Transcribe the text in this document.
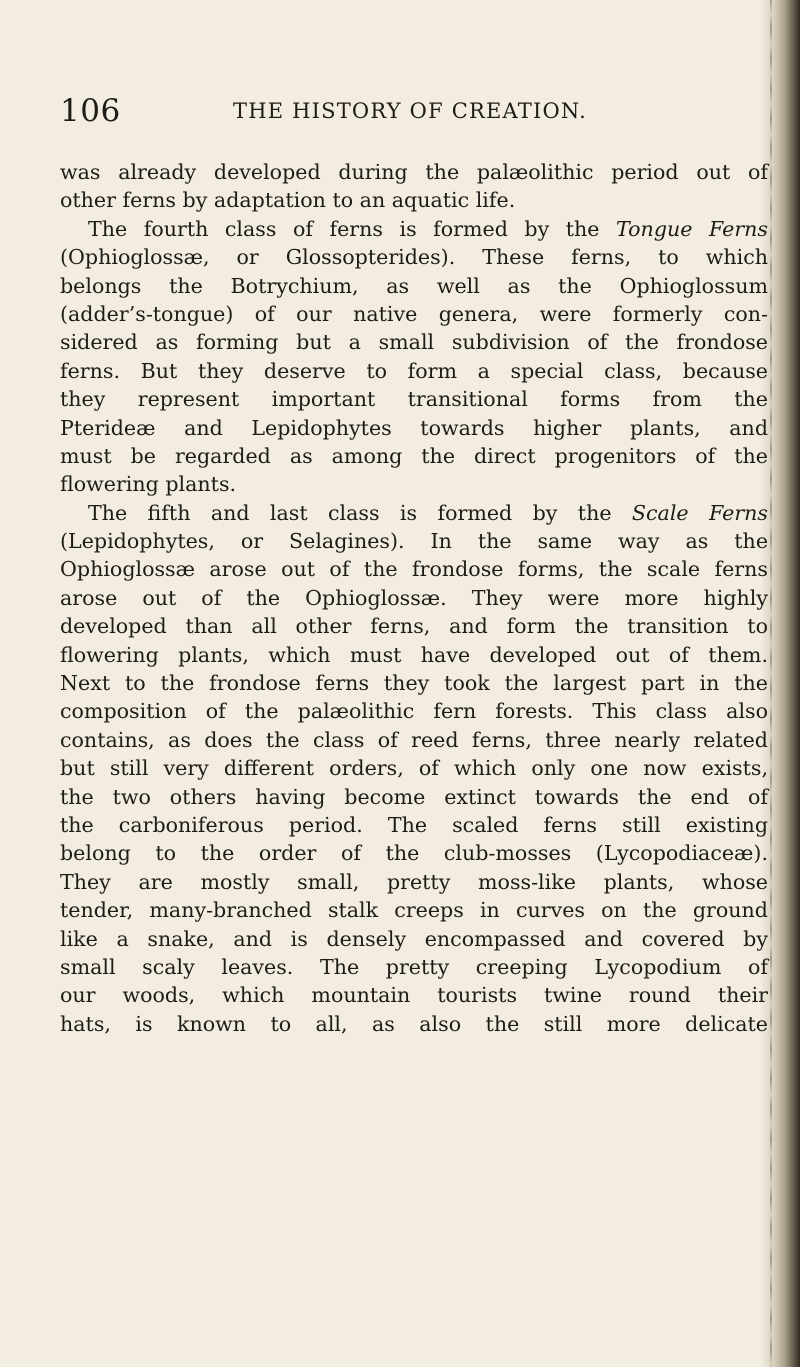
106	THE HISTORY OF CREATION.
was already developed during the palæolithic period out of
other ferns by adaptation to an aquatic life.
The fourth class of ferns is formed by the Tongue Ferns
(Ophioglossæ, or Glossopterides). These ferns, to which
belongs the Botrychium, as well as the Ophioglossum
(adder’s-tongue) of our native genera, were formerly con-
sidered as forming but a small subdivision of the frondose
ferns. But they deserve to form a special class, because
they represent important transitional forms from the
Pterideæ and Lepidophytes towards higher plants, and
must be regarded as among the direct progenitors of the
flowering plants.
The fifth and last class is formed by the Scale Ferns
(Lepidophytes, or Selagines). In the same way as the
Ophioglossæ arose out of the frondose forms, the scale ferns
arose out of the Ophioglossæ. They were more highly
developed than all other ferns, and form the transition to
flowering plants, which must have developed out of them.
Next to the frondose ferns they took the largest part in the
composition of the palæolithic fern forests. This class also
contains, as does the class of reed ferns, three nearly related
but still very different orders, of which only one now exists,
the two others having become extinct towards the end of
the carboniferous period. The scaled ferns still existing
belong to the order of the club-mosses (Lycopodiaceæ).
They are mostly small, pretty moss-like plants, whose
tender, many-branched stalk creeps in curves on the ground
like a snake, and is densely encompassed and covered by
small scaly leaves. The pretty creeping Lycopodium of
our woods, which mountain tourists twine round their
hats, is known to all, as also the still more delicate
